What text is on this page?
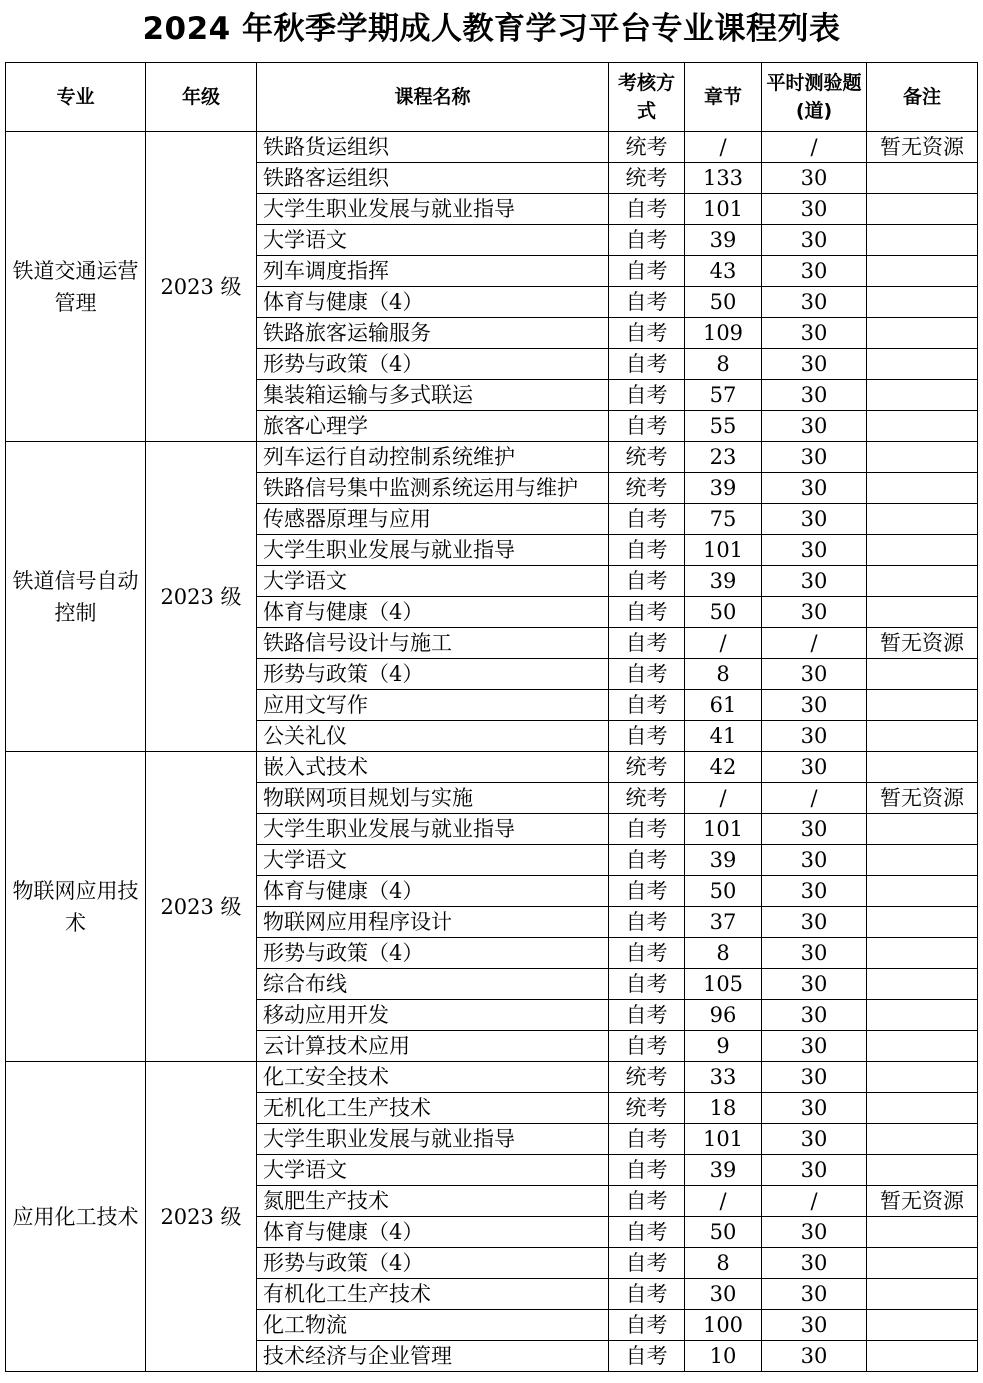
2024 年秋季学期成人教育学习平台专业课程列表
专业	年级	课程名称	考核方式	章节	平时测验题(道)	备注
铁道交通运营管理	2023 级	铁路货运组织	统考	/	/	暂无资源
		铁路客运组织	统考	133	30	
		大学生职业发展与就业指导	自考	101	30	
		大学语文	自考	39	30	
		列车调度指挥	自考	43	30	
		体育与健康（4）	自考	50	30	
		铁路旅客运输服务	自考	109	30	
		形势与政策（4）	自考	8	30	
		集装箱运输与多式联运	自考	57	30	
		旅客心理学	自考	55	30	
铁道信号自动控制	2023 级	列车运行自动控制系统维护	统考	23	30	
		铁路信号集中监测系统运用与维护	统考	39	30	
		传感器原理与应用	自考	75	30	
		大学生职业发展与就业指导	自考	101	30	
		大学语文	自考	39	30	
		体育与健康（4）	自考	50	30	
		铁路信号设计与施工	自考	/	/	暂无资源
		形势与政策（4）	自考	8	30	
		应用文写作	自考	61	30	
		公关礼仪	自考	41	30	
物联网应用技术	2023 级	嵌入式技术	统考	42	30	
		物联网项目规划与实施	统考	/	/	暂无资源
		大学生职业发展与就业指导	自考	101	30	
		大学语文	自考	39	30	
		体育与健康（4）	自考	50	30	
		物联网应用程序设计	自考	37	30	
		形势与政策（4）	自考	8	30	
		综合布线	自考	105	30	
		移动应用开发	自考	96	30	
		云计算技术应用	自考	9	30	
应用化工技术	2023 级	化工安全技术	统考	33	30	
		无机化工生产技术	统考	18	30	
		大学生职业发展与就业指导	自考	101	30	
		大学语文	自考	39	30	
		氮肥生产技术	自考	/	/	暂无资源
		体育与健康（4）	自考	50	30	
		形势与政策（4）	自考	8	30	
		有机化工生产技术	自考	30	30	
		化工物流	自考	100	30	
		技术经济与企业管理	自考	10	30	
